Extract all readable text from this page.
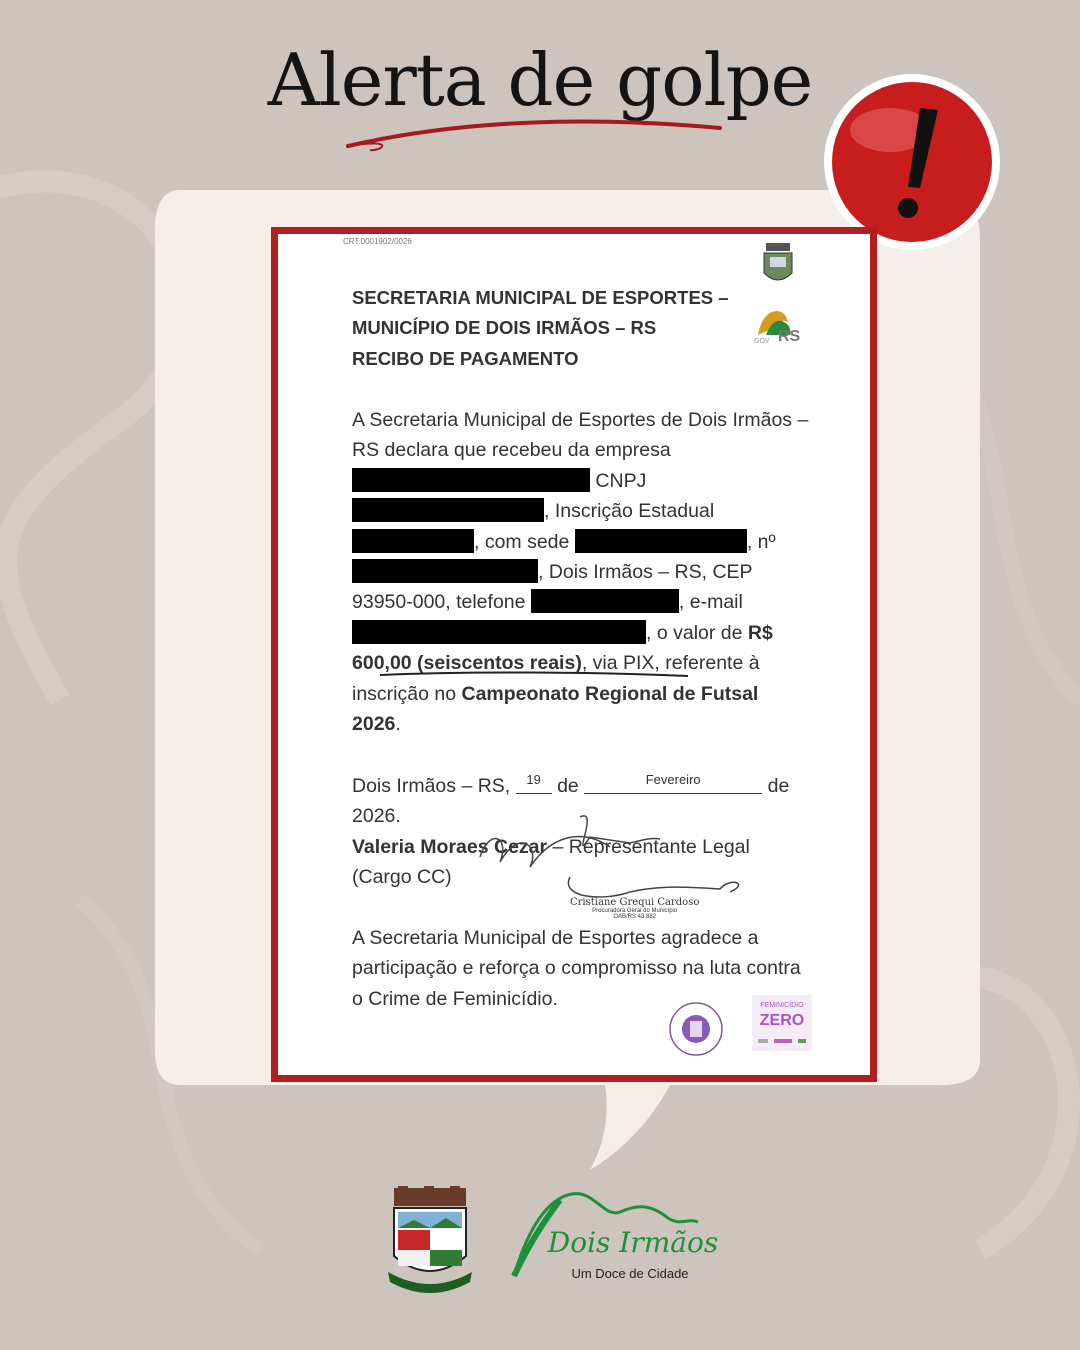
Alerta de golpe
CRT.0001902/0026
RS
GOV
SECRETARIA MUNICIPAL DE ESPORTES –
MUNICÍPIO DE DOIS IRMÃOS – RS
RECIBO DE PAGAMENTO
A Secretaria Municipal de Esportes de Dois Irmãos – RS declara que recebeu da empresa  CNPJ , Inscrição Estadual , com sede	, nº , Dois Irmãos – RS, CEP 93950-000, telefone	, e-mail , o valor de R$ 600,00 (seiscentos reais), via PIX, referente à inscrição no Campeonato Regional de Futsal 2026.
Dois Irmãos – RS,	19 de	Fevereiro	de 2026.
Valeria Moraes Cezar – Representante Legal (Cargo CC)
Cristiane Grequi Cardoso
Procuradora Geral do Município
OAB/RS 43.882
A Secretaria Municipal de Esportes agradece a participação e reforça o compromisso na luta contra o Crime de Feminicídio.	FEMINICÍDIO
ZERO
Dois Irmãos
Um Doce de Cidade
